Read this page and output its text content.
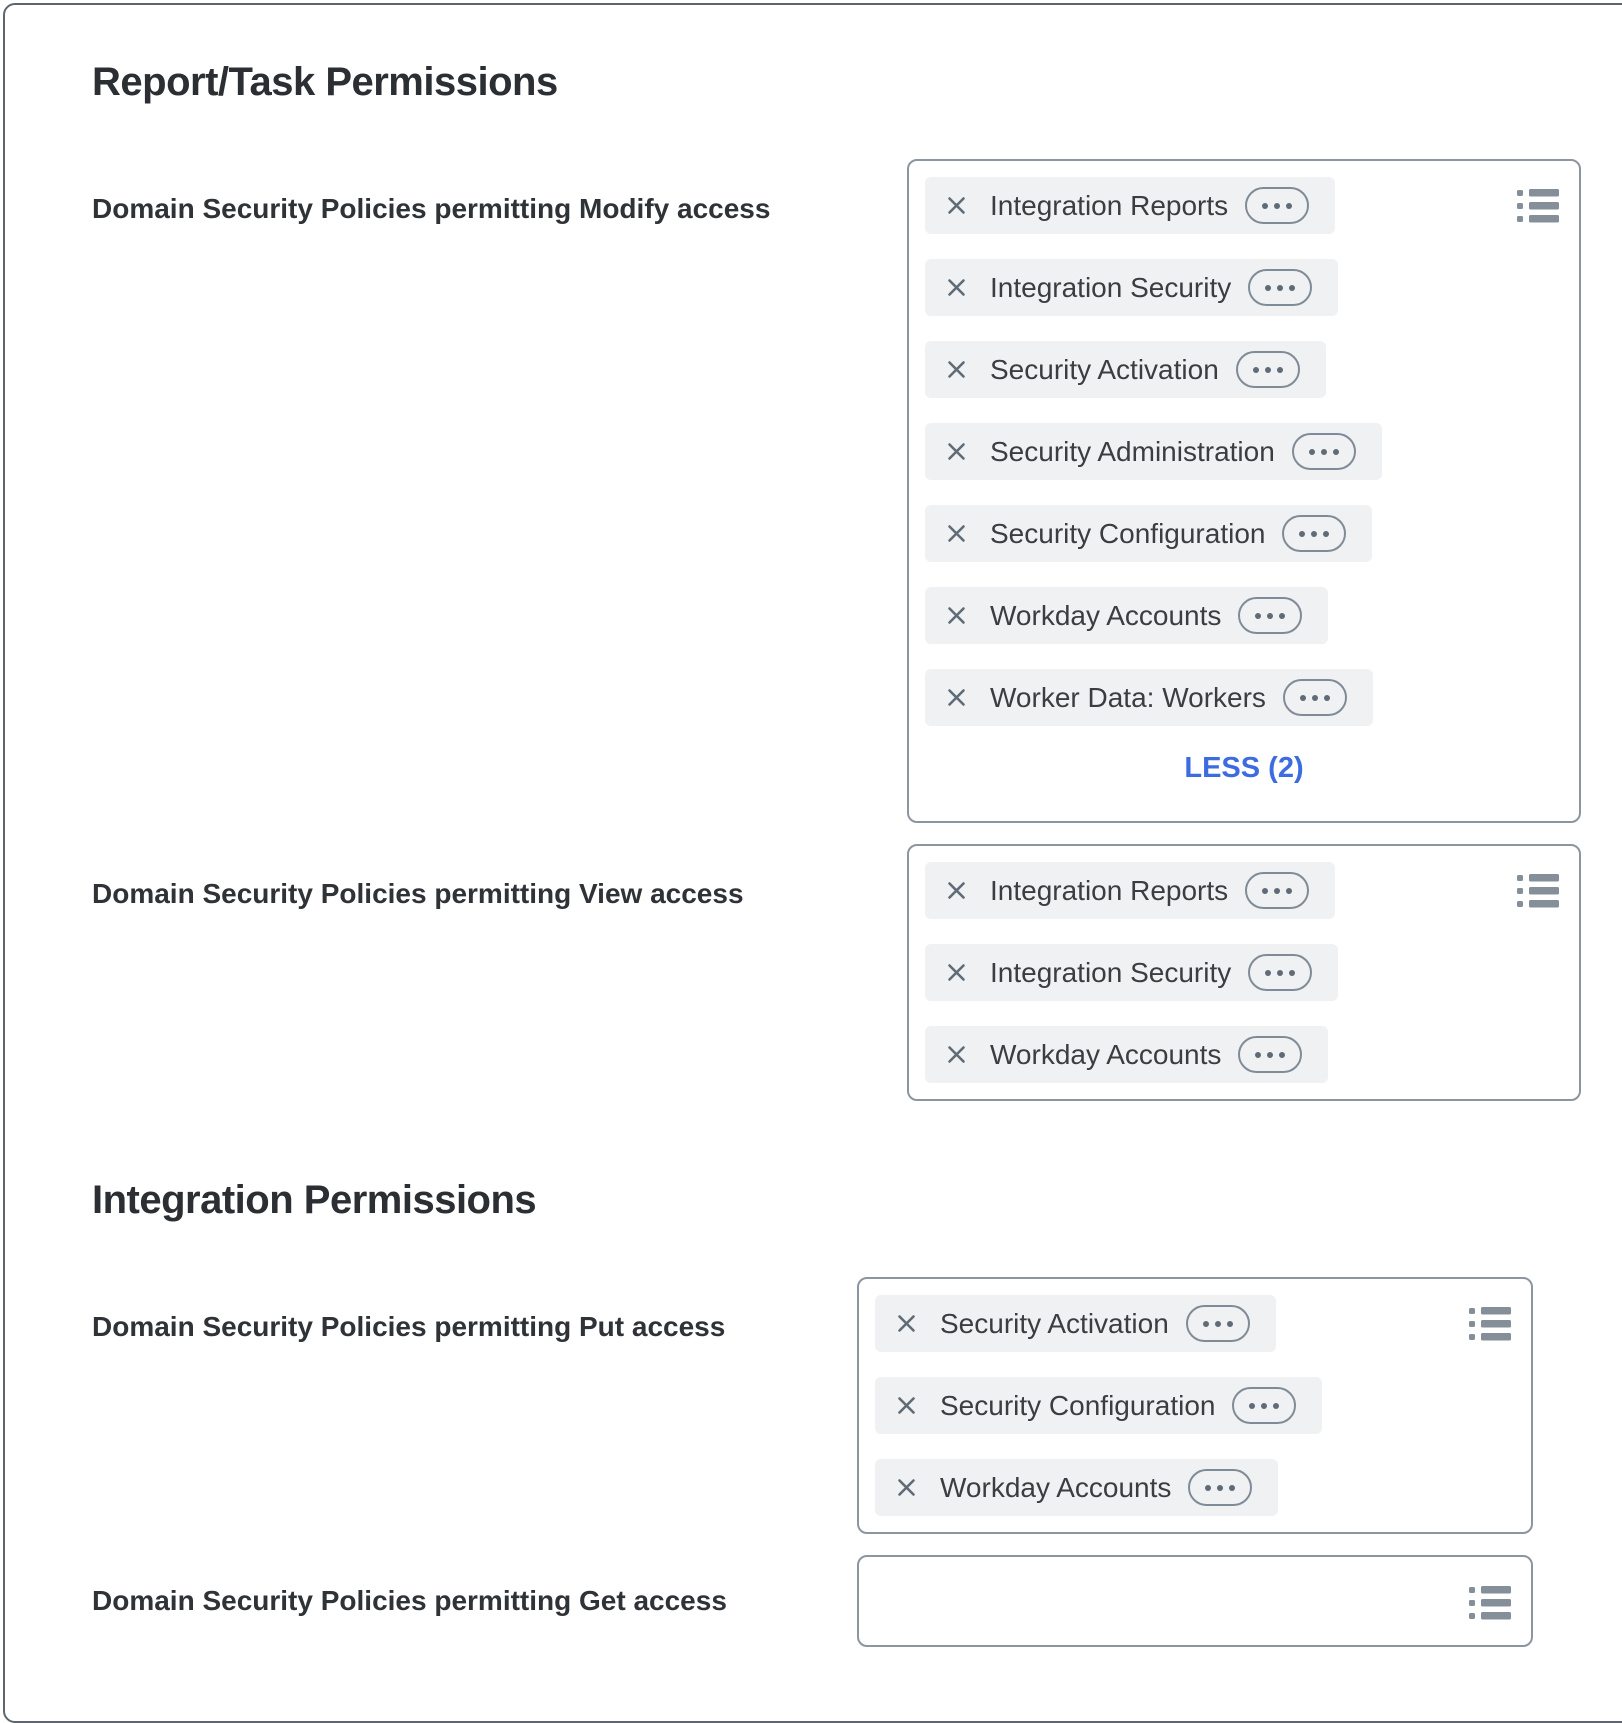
Report/Task Permissions
Domain Security Policies permitting Modify access	Integration Reports
Integration Security
Security Activation
Security Administration
Security Configuration
Workday Accounts
Worker Data: Workers
LESS (2)
Domain Security Policies permitting View access	Integration Reports
Integration Security
Workday Accounts
Integration Permissions
Domain Security Policies permitting Put access	Security Activation
Security Configuration
Workday Accounts
Domain Security Policies permitting Get access
